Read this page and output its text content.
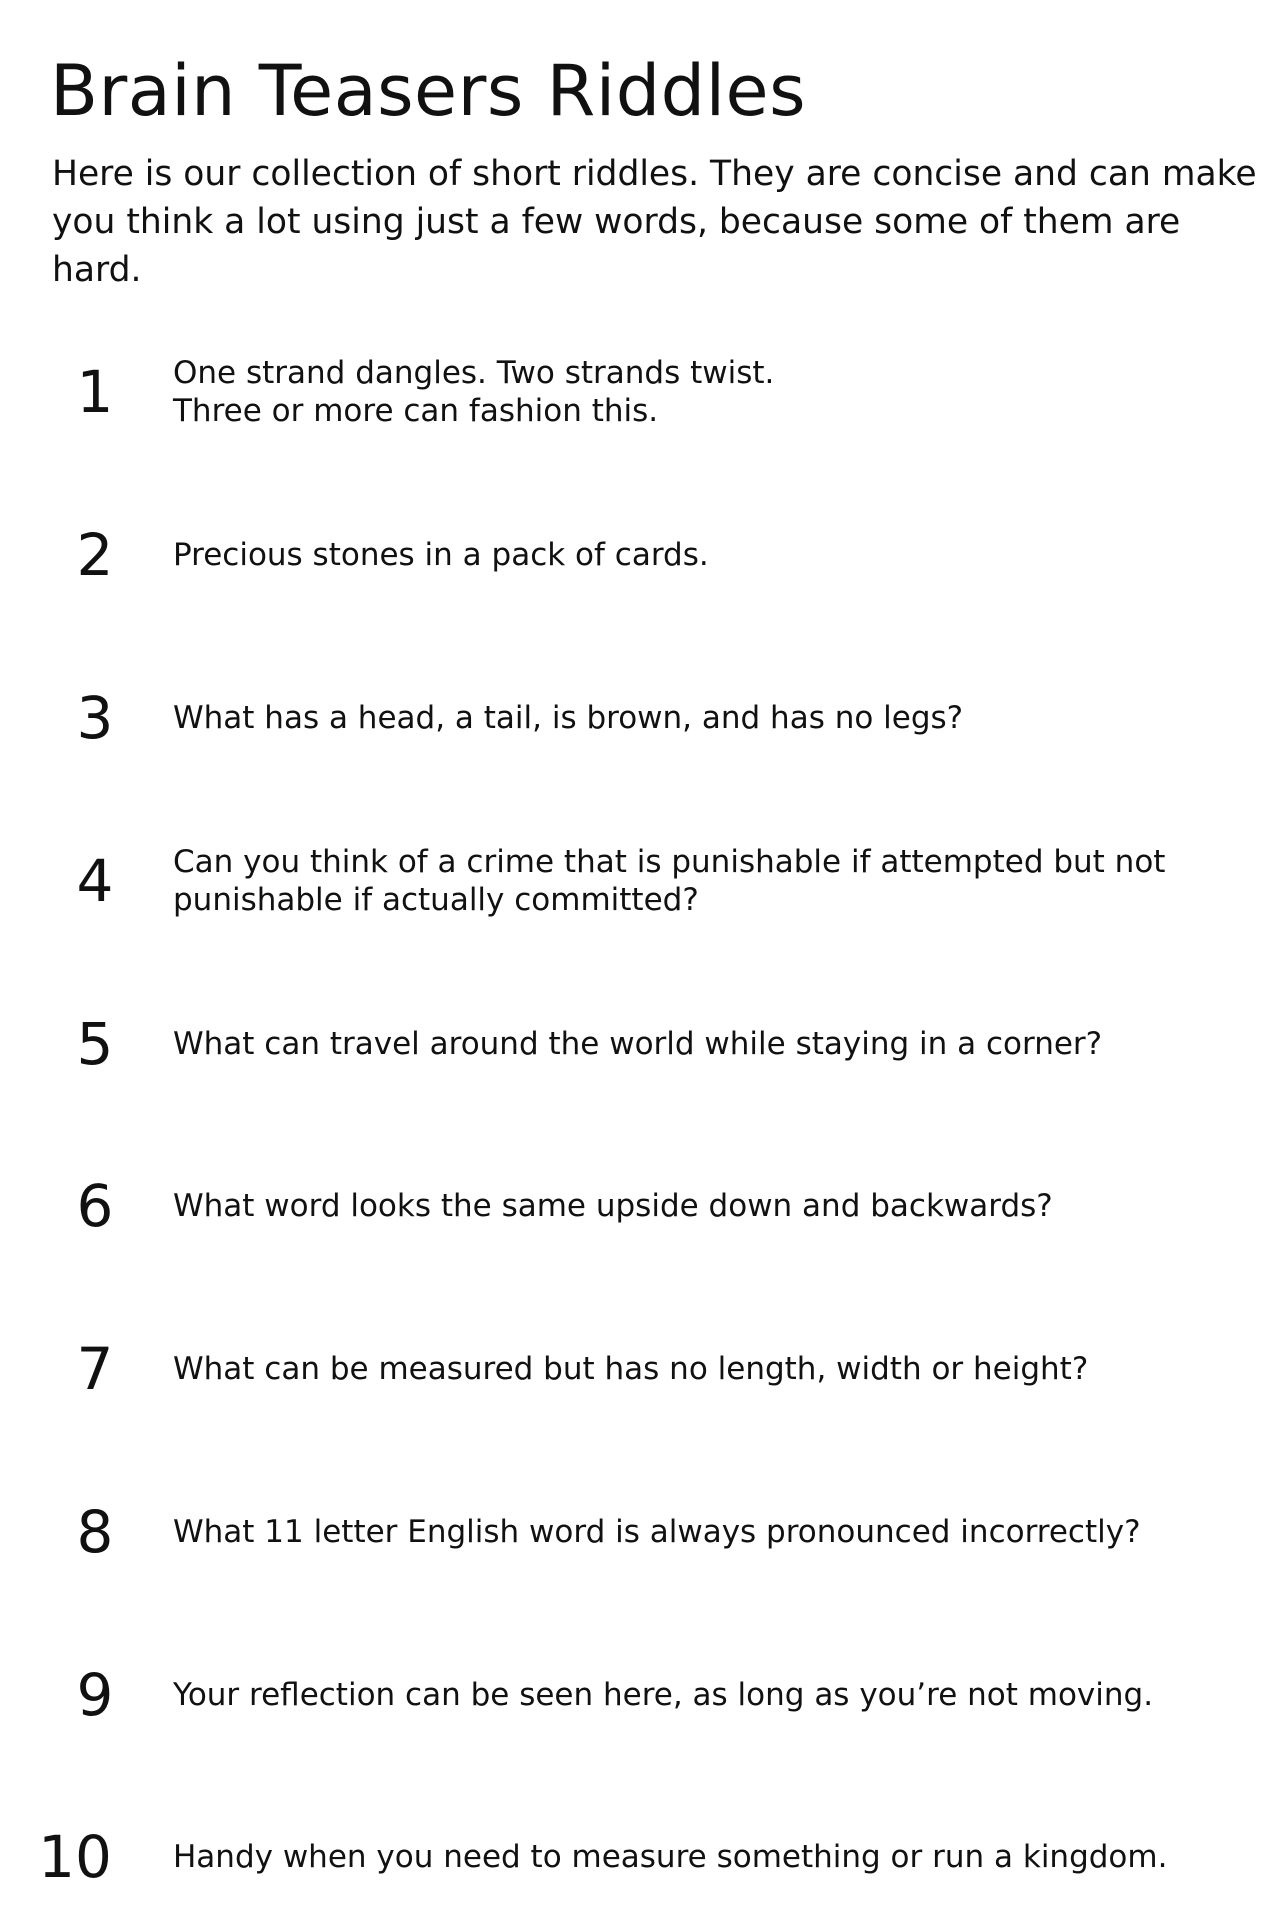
Brain Teasers Riddles

Here is our collection of short riddles. They are concise and can make you think a lot using just a few words, because some of them are hard.

1	One strand dangles. Two strands twist.
Three or more can fashion this.
2	Precious stones in a pack of cards.
3	What has a head, a tail, is brown, and has no legs?
4	Can you think of a crime that is punishable if attempted but not
punishable if actually committed?
5	What can travel around the world while staying in a corner?
6	What word looks the same upside down and backwards?
7	What can be measured but has no length, width or height?
8	What 11 letter English word is always pronounced incorrectly?
9	Your reflection can be seen here, as long as you’re not moving.
10	Handy when you need to measure something or run a kingdom.
